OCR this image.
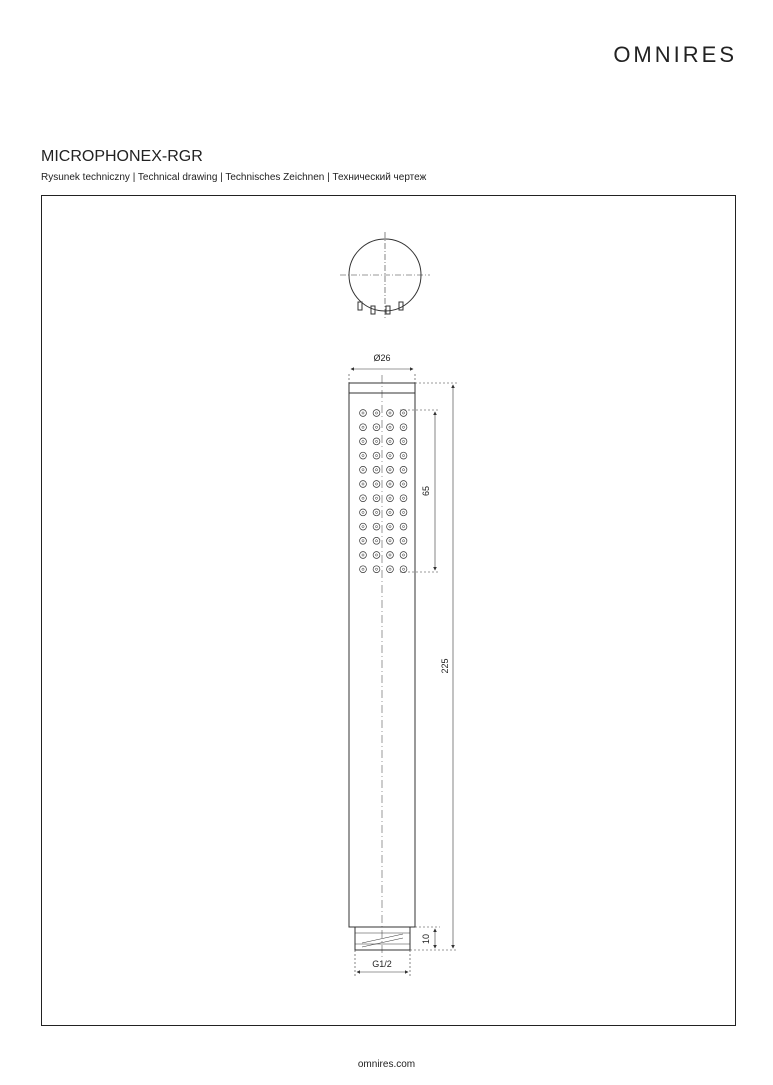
OMNIRES
MICROPHONEX-RGR
Rysunek techniczny | Technical drawing | Technisches Zeichnen | Технический чертеж
Ø26
65
225
10
G1/2
omnires.com
